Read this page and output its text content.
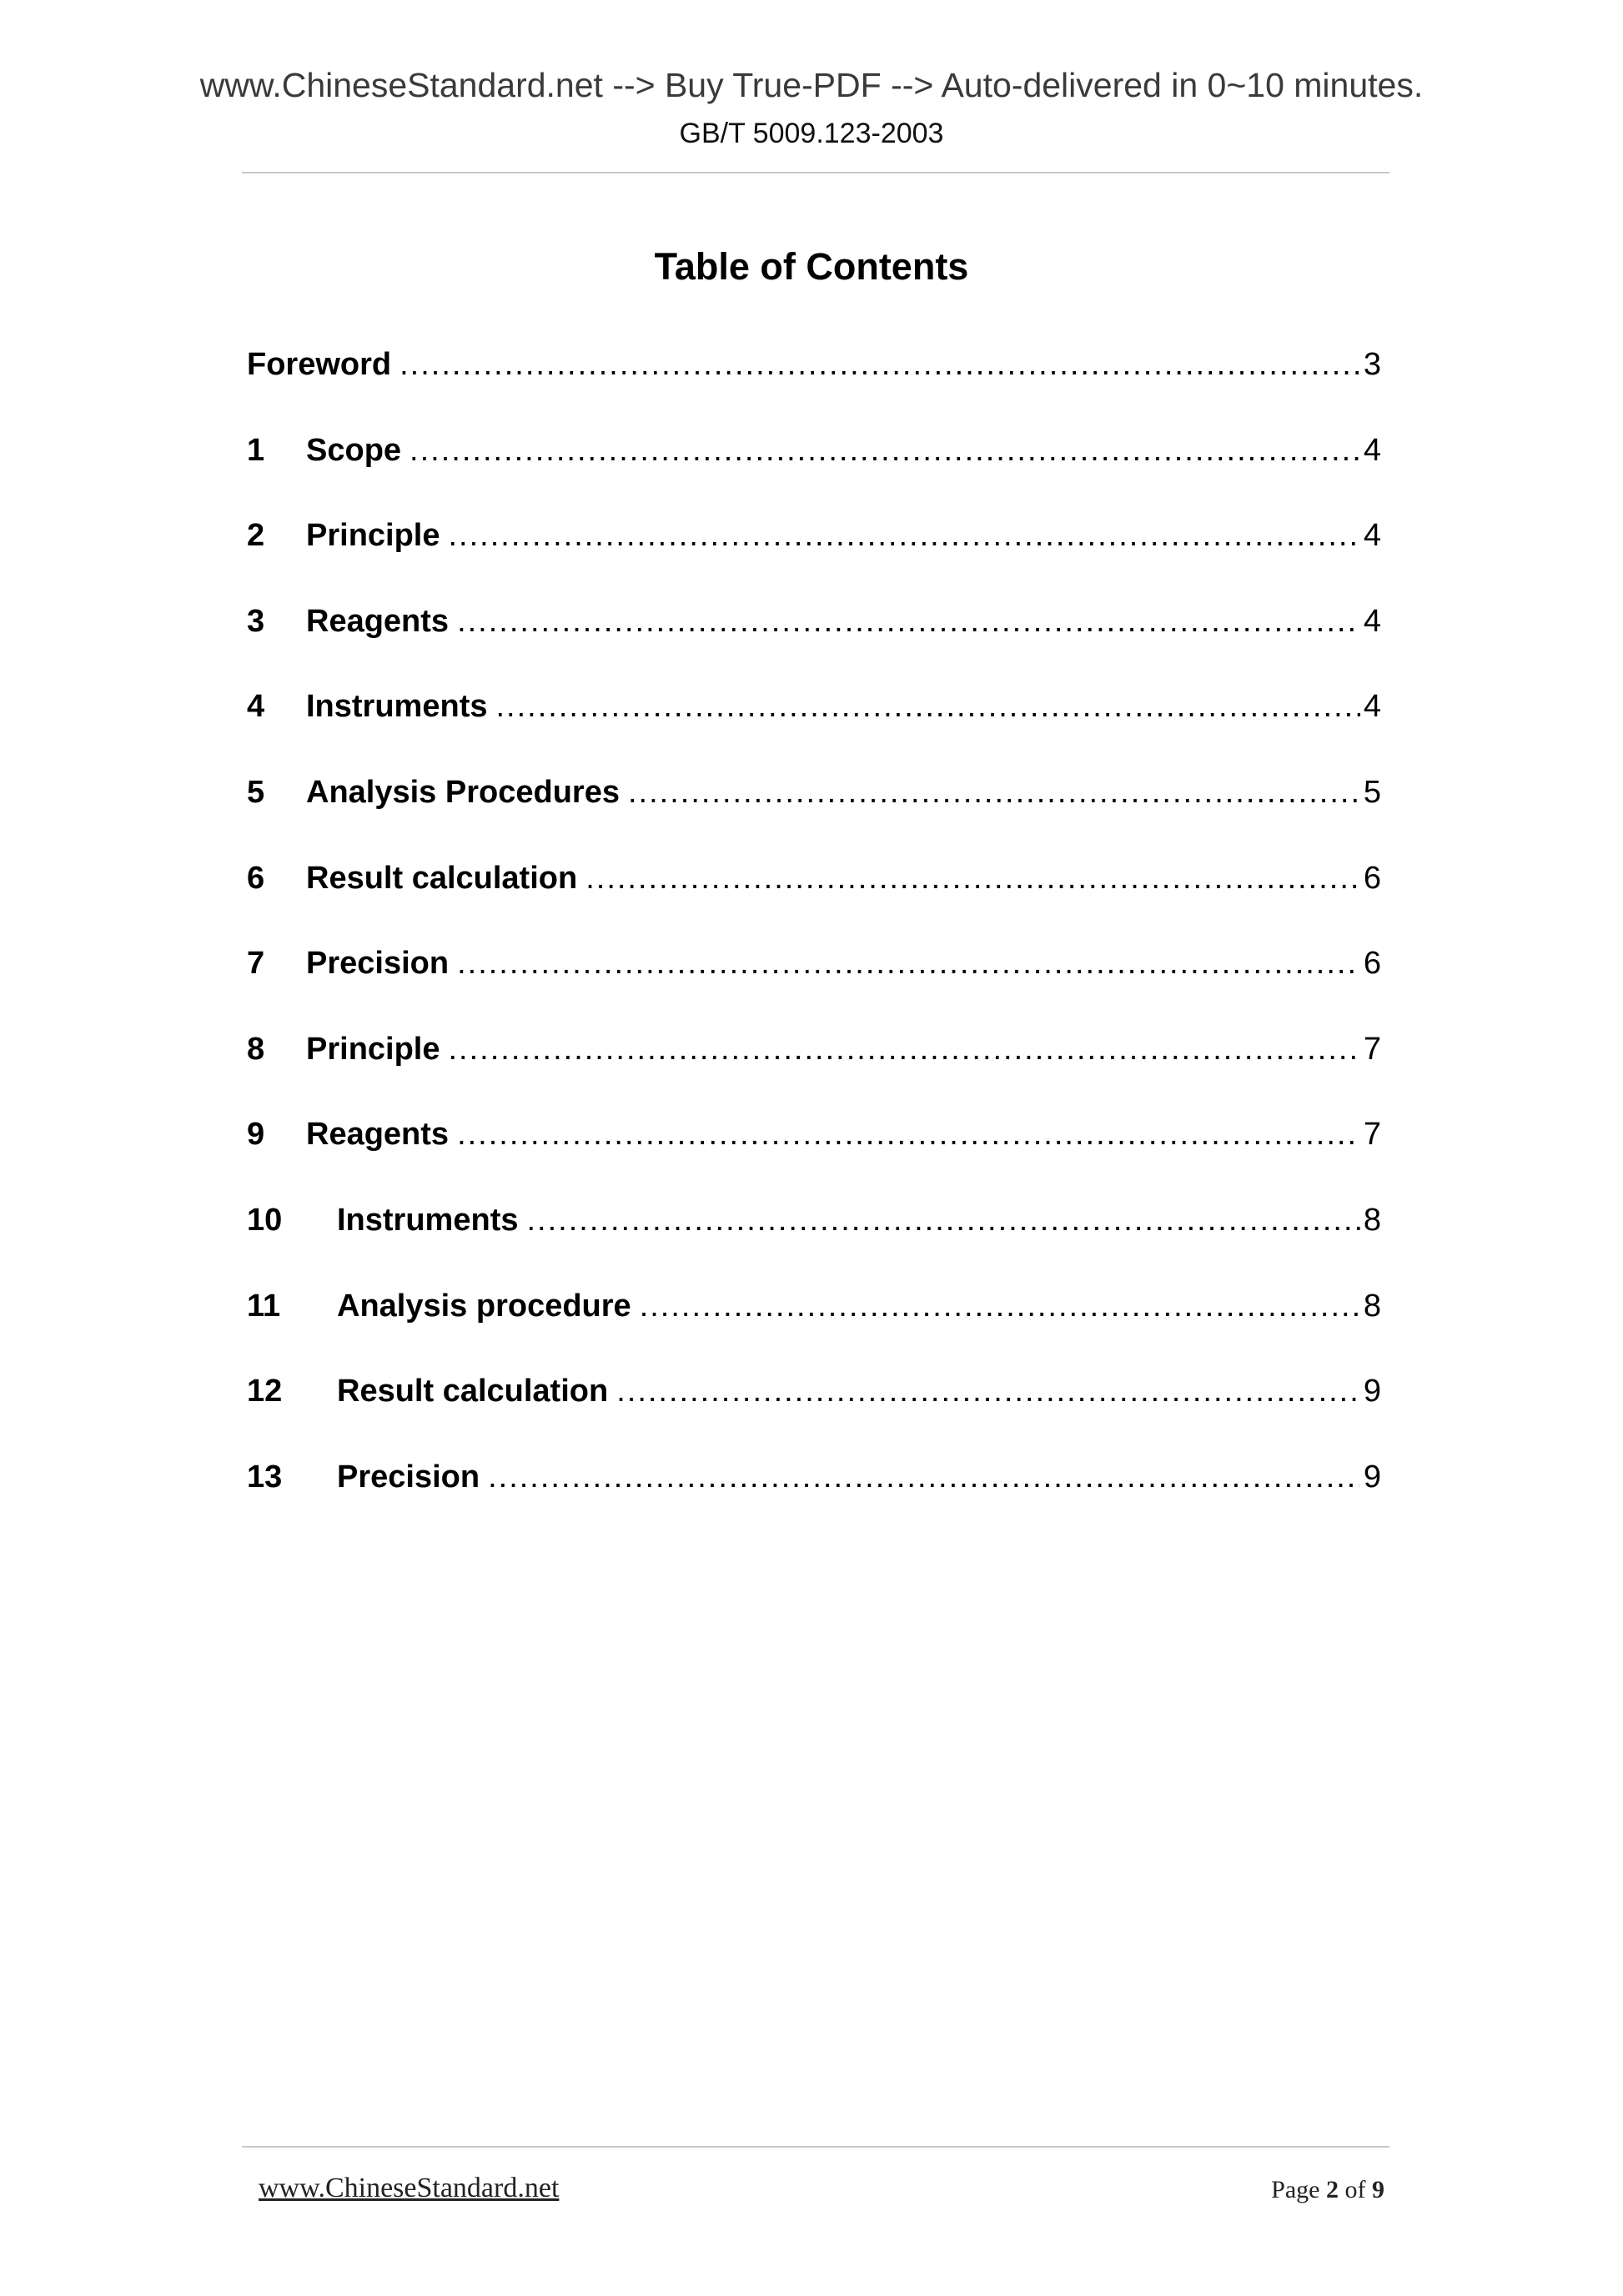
www.ChineseStandard.net --> Buy True-PDF --> Auto-delivered in 0~10 minutes.
GB/T 5009.123-2003
Table of Contents
Foreword .....	3
1	Scope .....	4
2	Principle .....	4
3	Reagents .....	4
4	Instruments .....	4
5	Analysis Procedures .....	5
6	Result calculation .....	6
7	Precision .....	6
8	Principle .....	7
9	Reagents .....	7
10	Instruments .....	8
11	Analysis procedure .....	8
12	Result calculation .....	9
13	Precision .....	9
www.ChineseStandard.net	Page 2 of 9
